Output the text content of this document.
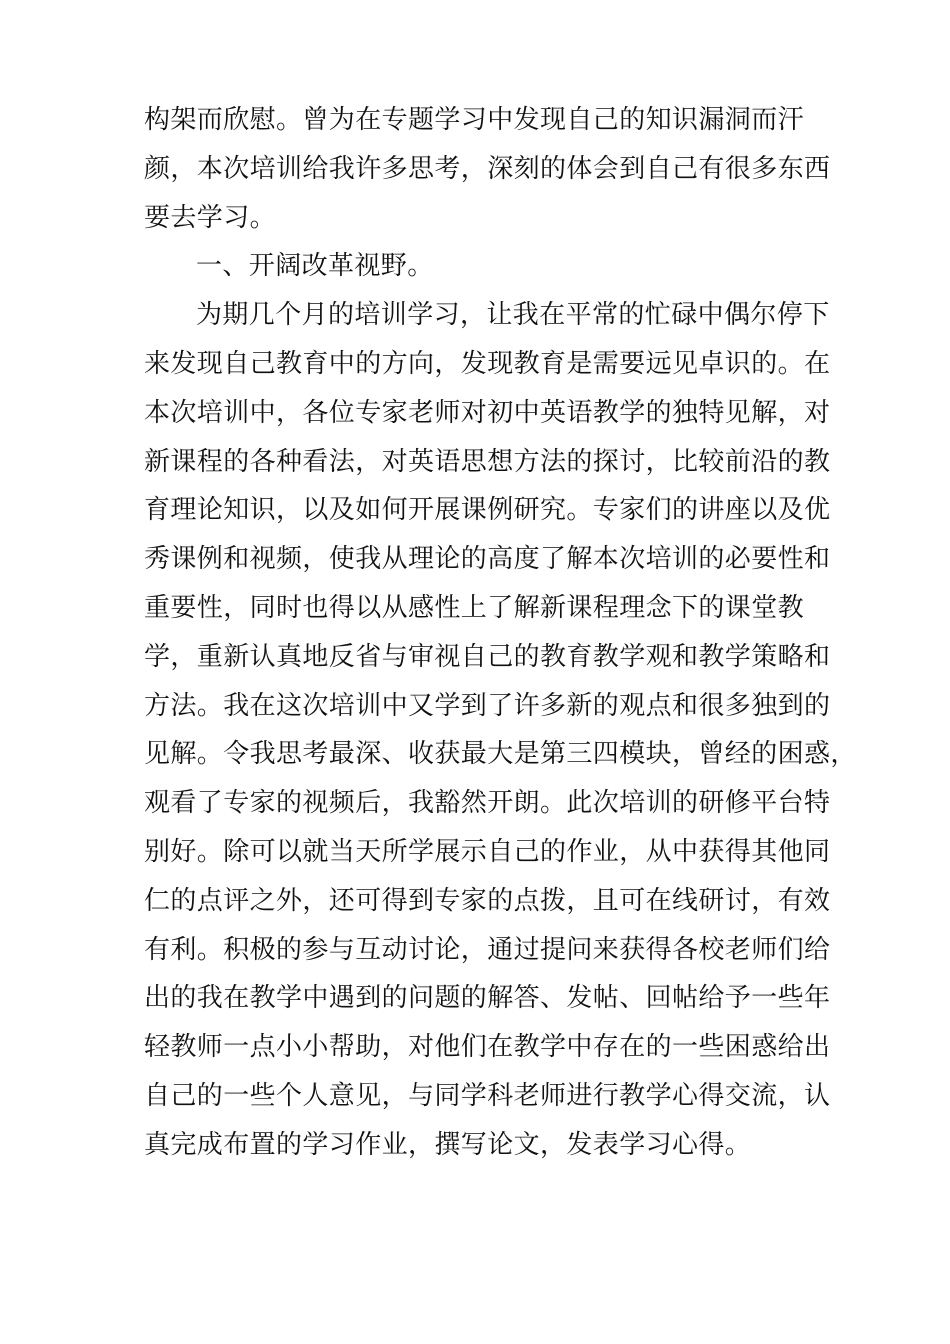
构架而欣慰。曾为在专题学习中发现自己的知识漏洞而汗
颜，本次培训给我许多思考，深刻的体会到自己有很多东西
要去学习。
一、开阔改革视野。
为期几个月的培训学习，让我在平常的忙碌中偶尔停下
来发现自己教育中的方向，发现教育是需要远见卓识的。在
本次培训中，各位专家老师对初中英语教学的独特见解，对
新课程的各种看法，对英语思想方法的探讨，比较前沿的教
育理论知识，以及如何开展课例研究。专家们的讲座以及优
秀课例和视频，使我从理论的高度了解本次培训的必要性和
重要性，同时也得以从感性上了解新课程理念下的课堂教
学，重新认真地反省与审视自己的教育教学观和教学策略和
方法。我在这次培训中又学到了许多新的观点和很多独到的
见解。令我思考最深、收获最大是第三四模块，曾经的困惑，
观看了专家的视频后，我豁然开朗。此次培训的研修平台特
别好。除可以就当天所学展示自己的作业，从中获得其他同
仁的点评之外，还可得到专家的点拨，且可在线研讨，有效
有利。积极的参与互动讨论，通过提问来获得各校老师们给
出的我在教学中遇到的问题的解答、发帖、回帖给予一些年
轻教师一点小小帮助，对他们在教学中存在的一些困惑给出
自己的一些个人意见，与同学科老师进行教学心得交流，认
真完成布置的学习作业，撰写论文，发表学习心得。
